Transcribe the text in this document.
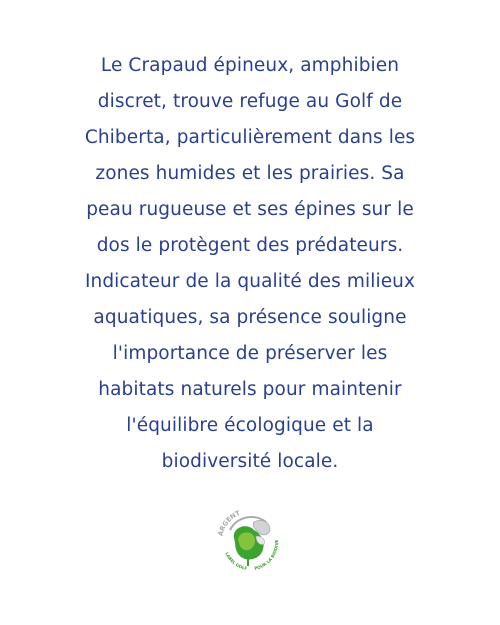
Le Crapaud épineux, amphibien
discret, trouve refuge au Golf de
Chiberta, particulièrement dans les
zones humides et les prairies. Sa
peau rugueuse et ses épines sur le
dos le protègent des prédateurs.
Indicateur de la qualité des milieux
aquatiques, sa présence souligne
l'importance de préserver les
habitats naturels pour maintenir
l'équilibre écologique et la
biodiversité locale.
ARGENT
LABEL GOLF	POUR LA BIODIVE
